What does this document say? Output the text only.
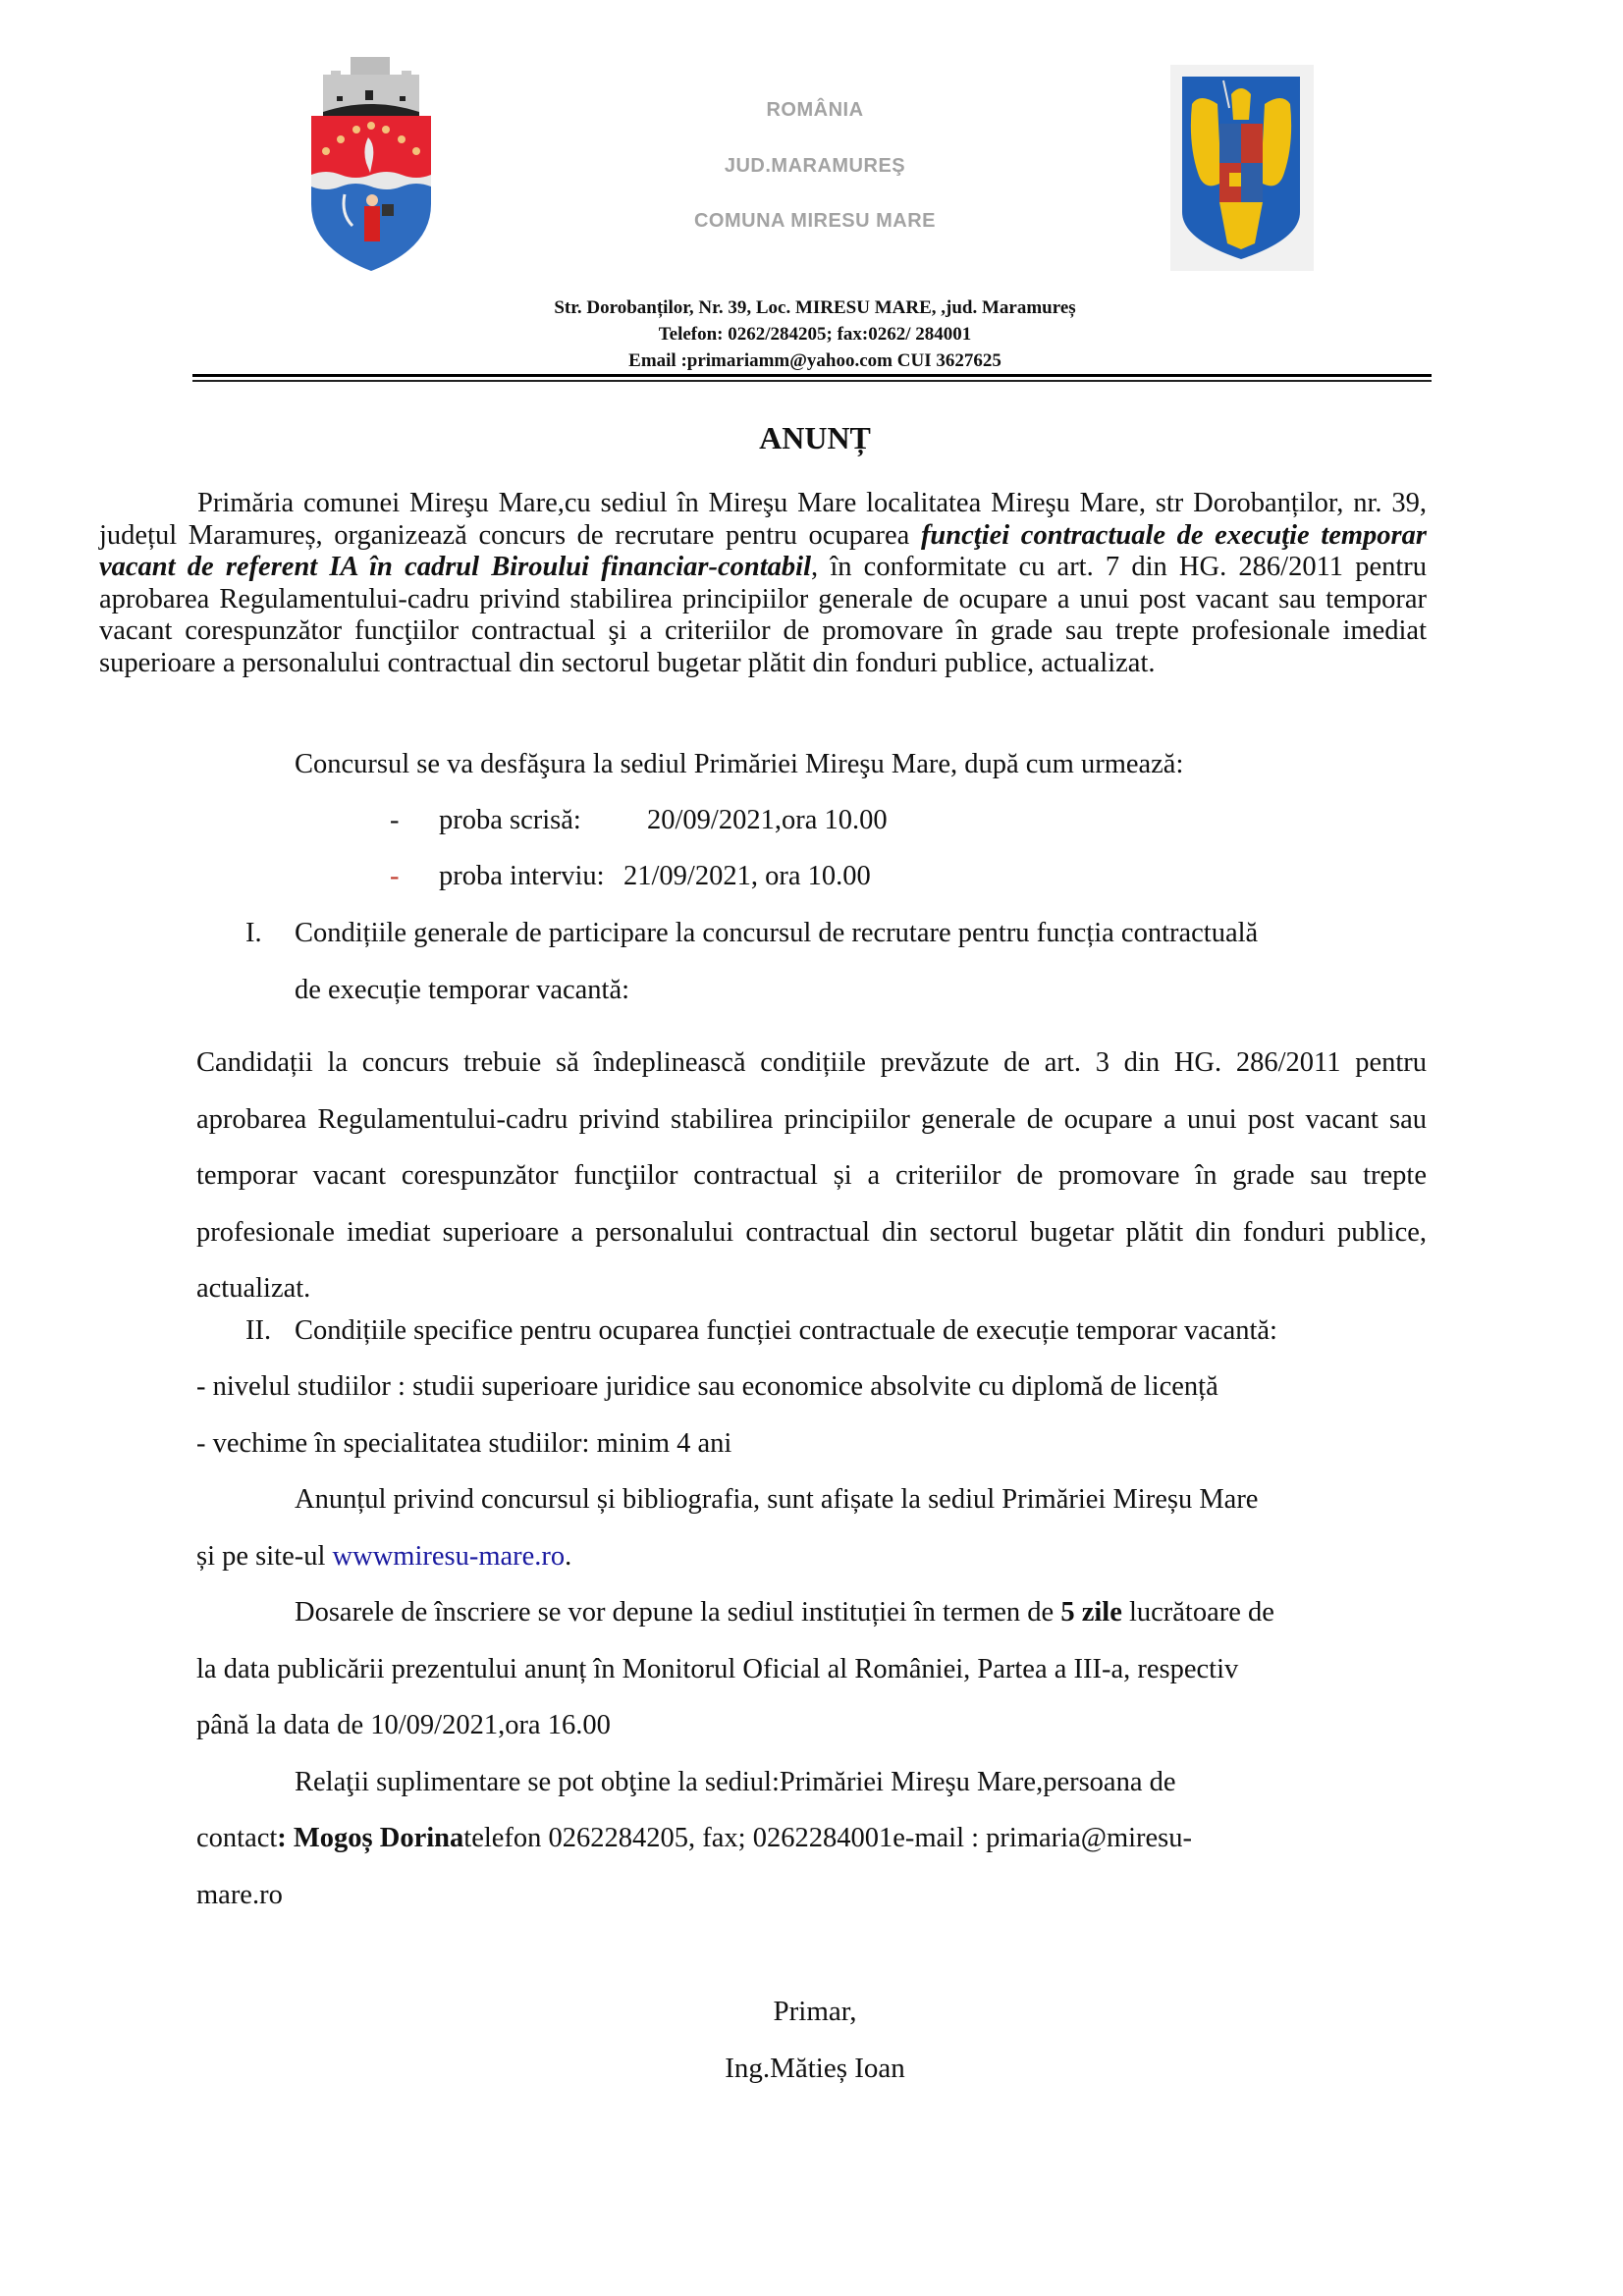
ROMÂNIA
JUD.MARAMUREŞ
COMUNA MIRESU MARE
Str. Dorobanților, Nr. 39, Loc. MIRESU MARE, ,jud. Maramureș
Telefon: 0262/284205; fax:0262/ 284001
Email :primariamm@yahoo.com CUI 3627625
ANUNȚ
Primăria comunei Mireşu Mare,cu sediul în Mireşu Mare localitatea Mireşu Mare, str Dorobanților, nr. 39, județul Maramureș, organizează concurs de recrutare pentru ocuparea funcţiei contractuale de execuţie temporar vacant de referent IA în cadrul Biroului financiar-contabil, în conformitate cu art. 7 din HG. 286/2011 pentru aprobarea Regulamentului-cadru privind stabilirea principiilor generale de ocupare a unui post vacant sau temporar vacant corespunzător funcţiilor contractual şi a criteriilor de promovare în grade sau trepte profesionale imediat superioare a personalului contractual din sectorul bugetar plătit din fonduri publice, actualizat.
Concursul se va desfăşura la sediul Primăriei Mireşu Mare, după cum urmează:
- proba scrisă: 20/09/2021,ora 10.00
- proba interviu: 21/09/2021, ora 10.00
I. Condițiile generale de participare la concursul de recrutare pentru funcția contractuală
de execuție temporar vacantă:
Candidații la concurs trebuie să îndeplinească condițiile prevăzute de art. 3 din HG. 286/2011 pentru aprobarea Regulamentului-cadru privind stabilirea principiilor generale de ocupare a unui post vacant sau temporar vacant corespunzător funcţiilor contractual și a criteriilor de promovare în grade sau trepte profesionale imediat superioare a personalului contractual din sectorul bugetar plătit din fonduri publice, actualizat.
II. Condițiile specifice pentru ocuparea funcției contractuale de execuție temporar vacantă:
- nivelul studiilor : studii superioare juridice sau economice absolvite cu diplomă de licență
- vechime în specialitatea studiilor: minim 4 ani
Anunțul privind concursul și bibliografia, sunt afișate la sediul Primăriei Mireșu Mare
și pe site-ul wwwmiresu-mare.ro.
Dosarele de înscriere se vor depune la sediul instituției în termen de 5 zile lucrătoare de
la data publicării prezentului anunț în Monitorul Oficial al României, Partea a III-a, respectiv
până la data de 10/09/2021,ora 16.00
Relaţii suplimentare se pot obţine la sediul:Primăriei Mireşu Mare,persoana de
contact: Mogoș Dorinatelefon 0262284205, fax; 0262284001e-mail : primaria@miresu-
mare.ro
Primar,
Ing.Mătieș Ioan
